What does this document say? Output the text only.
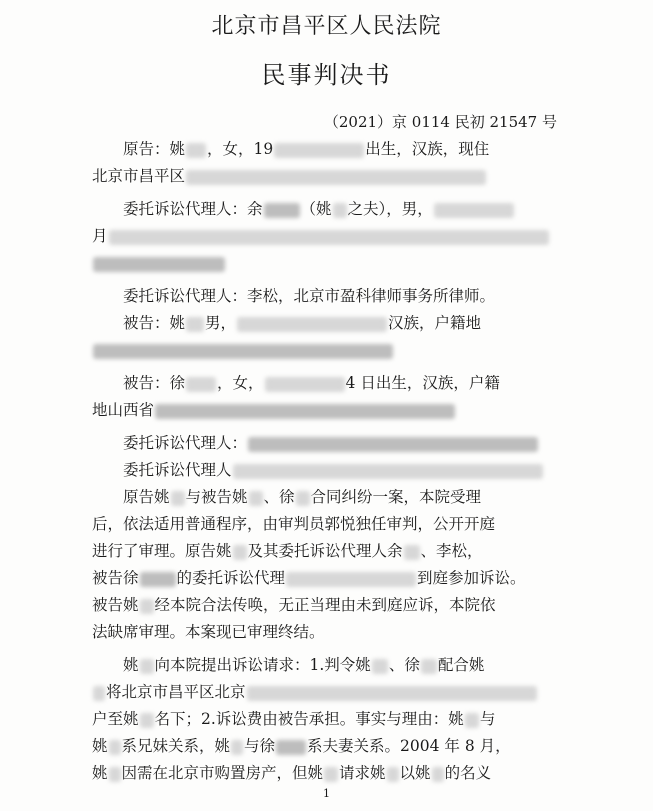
北京市昌平区人民法院
民事判决书
（2021）京 0114 民初 21547 号
原告：姚 ，女，19	出生，汉族，现住
北京市昌平区
委托诉讼代理人：余 （姚 之夫），男，
月
委托诉讼代理人：李松，北京市盈科律师事务所律师。
被告：姚 男，	汉族，户籍地
被告：徐 ，女，	4 日出生，汉族，户籍
地山西省
委托诉讼代理人：
委托诉讼代理人
原告姚 与被告姚 、徐 合同纠纷一案，本院受理
后，依法适用普通程序，由审判员郭悦独任审判，公开开庭
进行了审理。原告姚 及其委托诉讼代理人余 、李松，
被告徐 的委托诉讼代理	到庭参加诉讼。
被告姚 经本院合法传唤，无正当理由未到庭应诉，本院依
法缺席审理。本案现已审理终结。
姚 向本院提出诉讼请求：1.判令姚 、徐 配合姚
将北京市昌平区北京
户至姚 名下；2.诉讼费由被告承担。事实与理由：姚 与
姚 系兄妹关系，姚 与徐 系夫妻关系。2004 年 8 月，
姚 因需在北京市购置房产，但姚 请求姚 以姚 的名义
1
